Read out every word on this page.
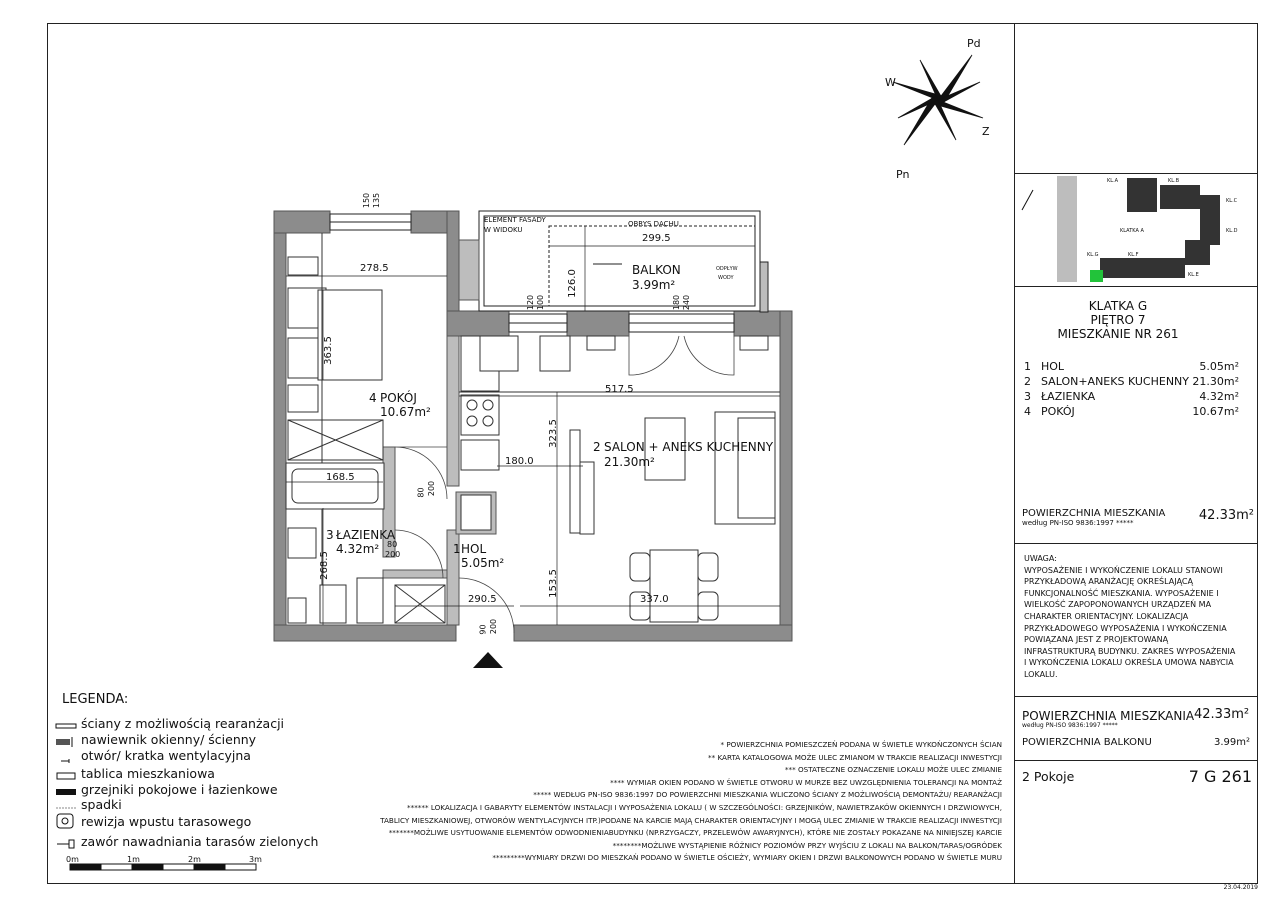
Pd
W
Z
Pn	KL.A	KL.B
KL.C
KL.D
KL.E
KL.F
KL.G
KLATKA A
ELEMENT FASADY
W WIDOKU
OBRYS DACHU
ODPŁYW
WODY
BALKON
3.99m²
4 POKÓJ
10.67m²
2 SALON + ANEKS KUCHENNY
21.30m²
3 ŁAZIENKA
4.32m²	1 HOL
5.05m²
278.5
363.5
168.5
268.5
299.5
126.0
517.5
323.5
180.0
153.5
290.5	337.0
150 135
120 100	180 240
80 200
80
200
90 200
LEGENDA:
ściany z możliwością rearanżacji
nawiewnik okienny/ ścienny
otwór/ kratka wentylacyjna
tablica mieszkaniowa
grzejniki pokojowe i łazienkowe
spadki
rewizja wpustu tarasowego
zawór nawadniania tarasów zielonych
0m	1m	2m	3m
* POWIERZCHNIA POMIESZCZEŃ PODANA W ŚWIETLE WYKOŃCZONYCH ŚCIAN
** KARTA KATALOGOWA MOŻE ULEC ZMIANOM W TRAKCIE REALIZACJI INWESTYCJI
*** OSTATECZNE OZNACZENIE LOKALU MOŻE ULEC ZMIANIE
**** WYMIAR OKIEN PODANO W ŚWIETLE OTWORU W MURZE BEZ UWZGLĘDNIENIA TOLERANCJI NA MONTAŻ
***** WEDŁUG PN-ISO 9836:1997 DO POWIERZCHNI MIESZKANIA WLICZONO ŚCIANY Z MOŻLIWOŚCIĄ DEMONTAŻU/ REARANŻACJI
****** LOKALIZACJA I GABARYTY ELEMENTÓW INSTALACJI I WYPOSAŻENIA LOKALU ( W SZCZEGÓLNOŚCI: GRZEJNIKÓW, NAWIETRZAKÓW OKIENNYCH I DRZWIOWYCH,
TABLICY MIESZKANIOWEJ, OTWORÓW WENTYLACYJNYCH ITP.)PODANE NA KARCIE MAJĄ CHARAKTER ORIENTACYJNY I MOGĄ ULEC ZMIANIE W TRAKCIE REALIZACJI INWESTYCJI
*******MOŻLIWE USYTUOWANIE ELEMENTÓW ODWODNIENIABUDYNKU (NP.RZYGACZY, PRZELEWÓW AWARYJNYCH), KTÓRE NIE ZOSTAŁY POKAZANE NA NINIEJSZEJ KARCIE
********MOŻLIWE WYSTĄPIENIE RÓŻNICY POZIOMÓW PRZY WYJŚCIU Z LOKALI NA BALKON/TARAS/OGRÓDEK
*********WYMIARY DRZWI DO MIESZKAŃ PODANO W ŚWIETLE OŚCIEŻY, WYMIARY OKIEN I DRZWI BALKONOWYCH PODANO W ŚWIETLE MURU
KLATKA G
PIĘTRO 7
MIESZKANIE NR 261
1 HOL	5.05m²
2 SALON+ANEKS KUCHENNY 21.30m²
3 ŁAZIENKA	4.32m²
4 POKÓJ	10.67m²
POWIERZCHNIA MIESZKANIA
według PN-ISO 9836:1997 *****	42.33m²
UWAGA:
WYPOSAŻENIE I WYKOŃCZENIE LOKALU STANOWI
PRZYKŁADOWĄ ARANŻACJĘ OKREŚLAJĄCĄ
FUNKCJONALNOŚĆ MIESZKANIA. WYPOSAŻENIE I
WIELKOŚĆ ZAPOPONOWANYCH URZĄDZEŃ MA
CHARAKTER ORIENTACYJNY. LOKALIZACJA
PRZYKŁADOWEGO WYPOSAŻENIA I WYKOŃCZENIA
POWIĄZANA JEST Z PROJEKTOWANĄ
INFRASTRUKTURĄ BUDYNKU. ZAKRES WYPOSAŻENIA
I WYKOŃCZENIA LOKALU OKREŚLA UMOWA NABYCIA
LOKALU.
POWIERZCHNIA MIESZKANIA 42.33m²
według PN-ISO 9836:1997 *****
POWIERZCHNIA BALKONU	3.99m²
2 Pokoje	7 G 261
23.04.2019
